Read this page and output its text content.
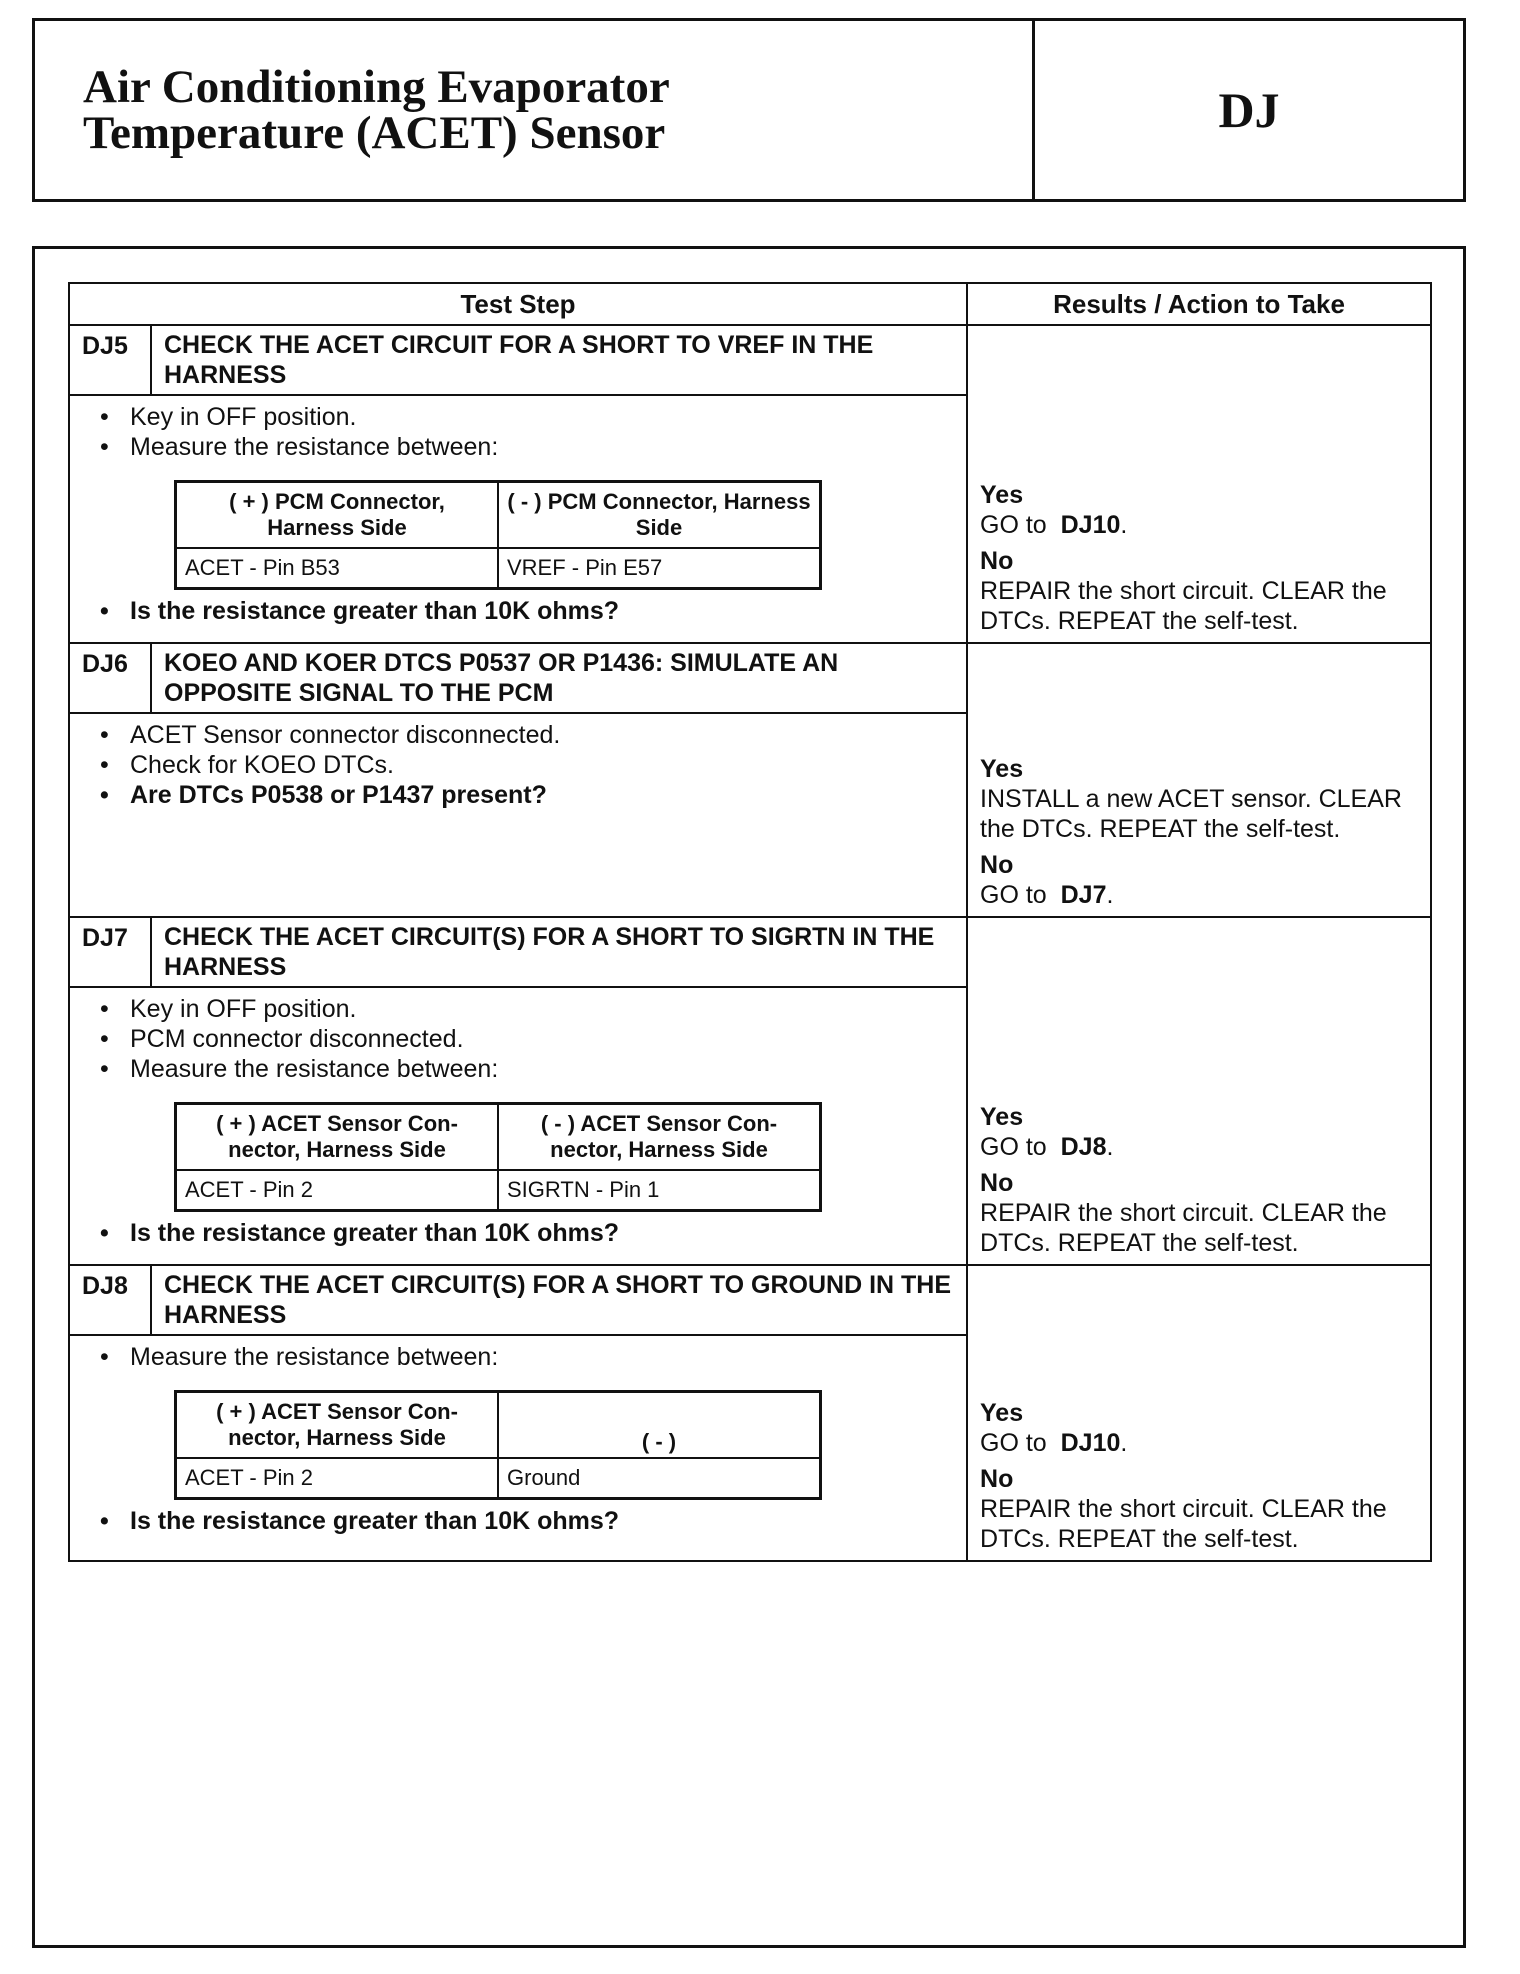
Air Conditioning Evaporator
Temperature (ACET) Sensor	DJ
Test Step	Results / Action to Take
DJ5	CHECK THE ACET CIRCUIT FOR A SHORT TO VREF IN THE HARNESS	
Yes
GO to DJ10.
No
REPAIR the short circuit. CLEAR the DTCs. REPEAT the self-test.

• Key in OFF position.
• Measure the resistance between:
( + ) PCM Connector, Harness Side	( - ) PCM Connector, Harness Side
ACET - Pin B53	VREF - Pin E57
• Is the resistance greater than 10K ohms?

DJ6	KOEO AND KOER DTCS P0537 OR P1436: SIMULATE AN OPPOSITE SIGNAL TO THE PCM	
Yes
INSTALL a new ACET sensor. CLEAR the DTCs. REPEAT the self-test.
No
GO to DJ7.

• ACET Sensor connector disconnected.
• Check for KOEO DTCs.
• Are DTCs P0538 or P1437 present?

DJ7	CHECK THE ACET CIRCUIT(S) FOR A SHORT TO SIGRTN IN THE HARNESS	
Yes
GO to DJ8.
No
REPAIR the short circuit. CLEAR the DTCs. REPEAT the self-test.

• Key in OFF position.
• PCM connector disconnected.
• Measure the resistance between:
( + ) ACET Sensor Con-nector, Harness Side	( - ) ACET Sensor Con-nector, Harness Side
ACET - Pin 2	SIGRTN - Pin 1
• Is the resistance greater than 10K ohms?

DJ8	CHECK THE ACET CIRCUIT(S) FOR A SHORT TO GROUND IN THE HARNESS	
Yes
GO to DJ10.
No
REPAIR the short circuit. CLEAR the DTCs. REPEAT the self-test.

• Measure the resistance between:
( + ) ACET Sensor Con-nector, Harness Side	( - )
ACET - Pin 2	Ground
• Is the resistance greater than 10K ohms?
